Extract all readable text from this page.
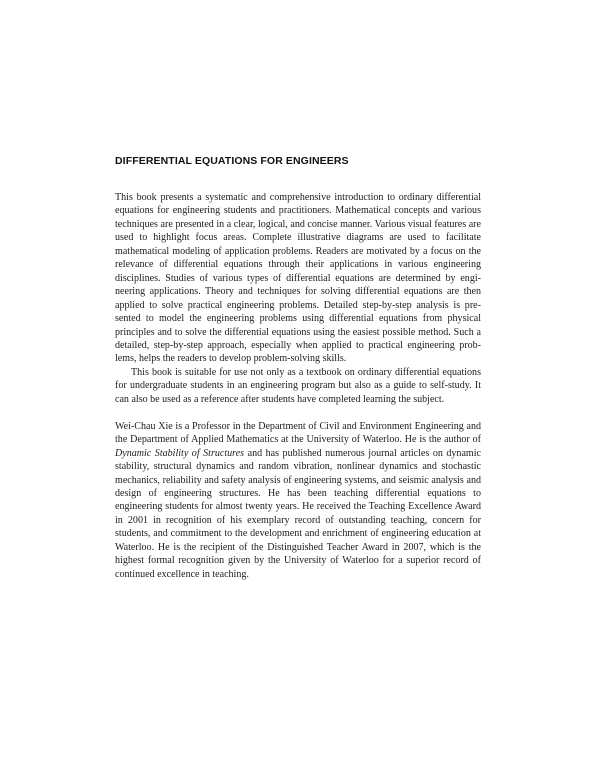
DIFFERENTIAL EQUATIONS FOR ENGINEERS

This book presents a systematic and comprehensive introduction to ordinary differential equations for engineering students and practitioners. Mathematical concepts and various techniques are presented in a clear, logical, and concise manner. Various visual features are used to highlight focus areas. Complete illustrative diagrams are used to facilitate mathematical modeling of application problems. Readers are motivated by a focus on the relevance of differential equations through their applications in various engineering disciplines. Studies of various types of differential equations are determined by engineering applications. Theory and techniques for solving differential equations are then applied to solve practical engineering problems. Detailed step-by-step analysis is presented to model the engineering problems using differential equations from physical principles and to solve the differential equations using the easiest possible method. Such a detailed, step-by-step approach, especially when applied to practical engineering problems, helps the readers to develop problem-solving skills.

This book is suitable for use not only as a textbook on ordinary differential equations for undergraduate students in an engineering program but also as a guide to self-study. It can also be used as a reference after students have completed learning the subject.

Wei-Chau Xie is a Professor in the Department of Civil and Environment Engineering and the Department of Applied Mathematics at the University of Waterloo. He is the author of Dynamic Stability of Structures and has published numerous journal articles on dynamic stability, structural dynamics and random vibration, nonlinear dynamics and stochastic mechanics, reliability and safety analysis of engineering systems, and seismic analysis and design of engineering structures. He has been teaching differential equations to engineering students for almost twenty years. He received the Teaching Excellence Award in 2001 in recognition of his exemplary record of outstanding teaching, concern for students, and commitment to the development and enrichment of engineering education at Waterloo. He is the recipient of the Distinguished Teacher Award in 2007, which is the highest formal recognition given by the University of Waterloo for a superior record of continued excellence in teaching.
